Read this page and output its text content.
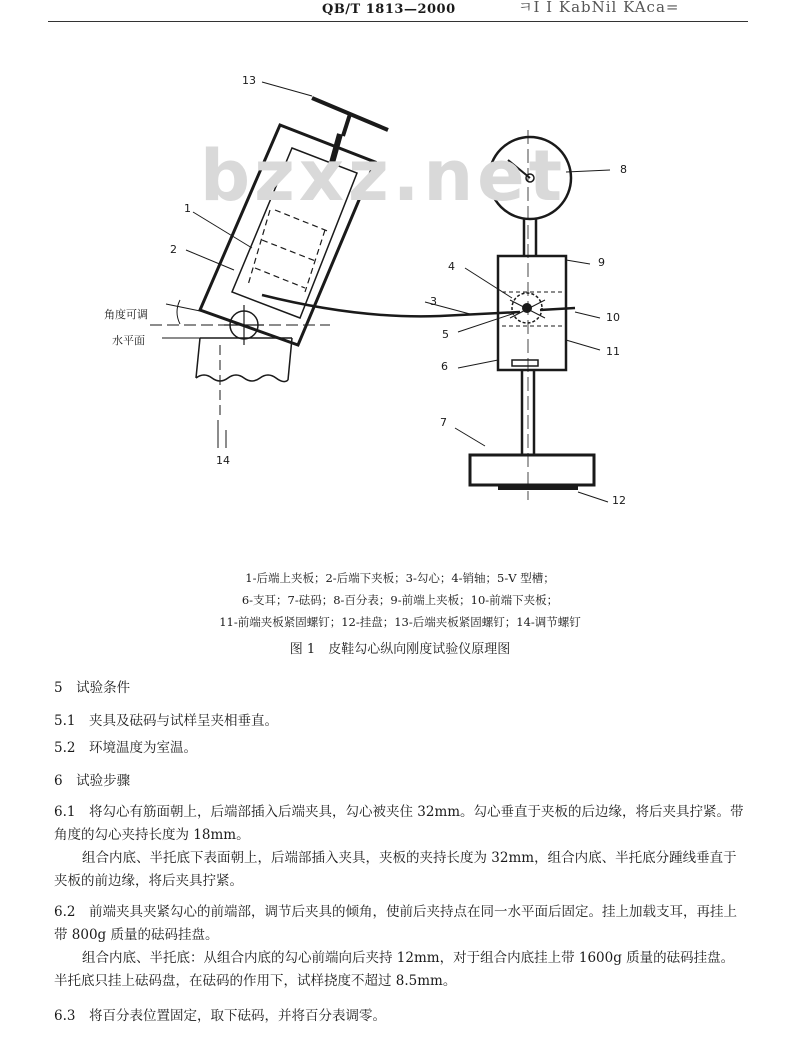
QB/T 1813—2000	ㅋI I KabNil KAca=
bzxz.net
13
1
2
3
4
5
6
7
8
9
10
11
12
14
角度可调
水平面
1-后端上夹板；2-后端下夹板；3-勾心；4-销轴；5-V 型槽；
6-支耳；7-砝码；8-百分表；9-前端上夹板；10-前端下夹板；
11-前端夹板紧固螺钉；12-挂盘；13-后端夹板紧固螺钉；14-调节螺钉
图 1　皮鞋勾心纵向刚度试验仪原理图
5　试验条件
5.1　夹具及砝码与试样呈夹相垂直。
5.2　环境温度为室温。
6　试验步骤
6.1　将勾心有筋面朝上，后端部插入后端夹具，勾心被夹住 32mm。勾心垂直于夹板的后边缘，将后夹具拧紧。带角度的勾心夹持长度为 18mm。
组合内底、半托底下表面朝上，后端部插入夹具，夹板的夹持长度为 32mm，组合内底、半托底分踵线垂直于夹板的前边缘，将后夹具拧紧。
6.2　前端夹具夹紧勾心的前端部，调节后夹具的倾角，使前后夹持点在同一水平面后固定。挂上加载支耳，再挂上带 800g 质量的砝码挂盘。
组合内底、半托底：从组合内底的勾心前端向后夹持 12mm，对于组合内底挂上带 1600g 质量的砝码挂盘。半托底只挂上砝码盘，在砝码的作用下，试样挠度不超过 8.5mm。
6.3　将百分表位置固定，取下砝码，并将百分表调零。
